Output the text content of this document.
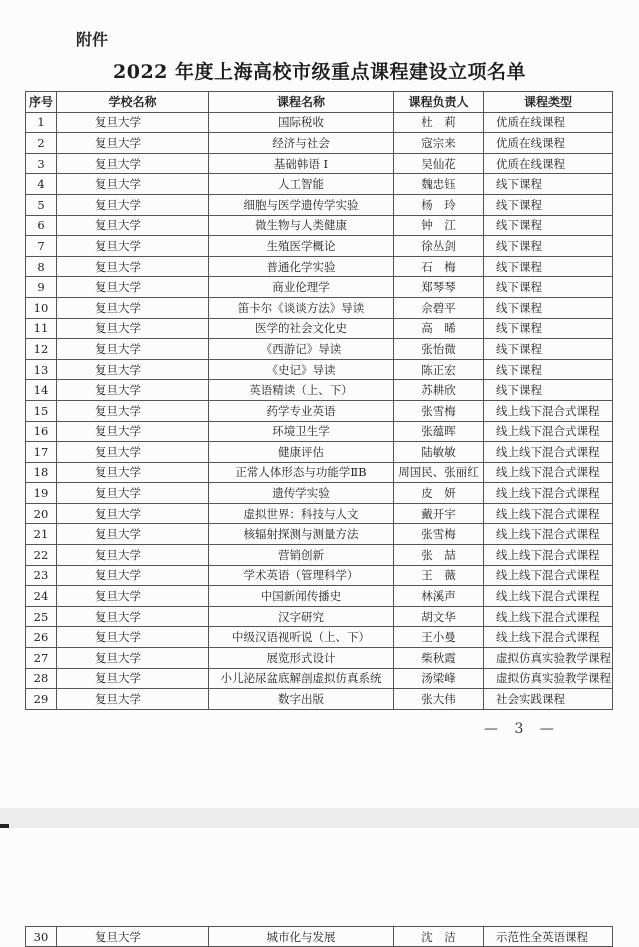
附件
2022 年度上海高校市级重点课程建设立项名单
序号	学校名称	课程名称	课程负责人	课程类型
1	复旦大学	国际税收	杜　莉	优质在线课程
2	复旦大学	经济与社会	寇宗来	优质在线课程
3	复旦大学	基础韩语 I	吴仙花	优质在线课程
4	复旦大学	人工智能	魏忠钰	线下课程
5	复旦大学	细胞与医学遗传学实验	杨　玲	线下课程
6	复旦大学	微生物与人类健康	钟　江	线下课程
7	复旦大学	生殖医学概论	徐丛剑	线下课程
8	复旦大学	普通化学实验	石　梅	线下课程
9	复旦大学	商业伦理学	郑琴琴	线下课程
10	复旦大学	笛卡尔《谈谈方法》导读	佘碧平	线下课程
11	复旦大学	医学的社会文化史	高　晞	线下课程
12	复旦大学	《西游记》导读	张怡微	线下课程
13	复旦大学	《史记》导读	陈正宏	线下课程
14	复旦大学	英语精读（上、下）	苏耕欣	线下课程
15	复旦大学	药学专业英语	张雪梅	线上线下混合式课程
16	复旦大学	环境卫生学	张蕴晖	线上线下混合式课程
17	复旦大学	健康评估	陆敏敏	线上线下混合式课程
18	复旦大学	正常人体形态与功能学ⅡB	周国民、张丽红	线上线下混合式课程
19	复旦大学	遗传学实验	皮　妍	线上线下混合式课程
20	复旦大学	虚拟世界：科技与人文	戴开宇	线上线下混合式课程
21	复旦大学	核辐射探测与测量方法	张雪梅	线上线下混合式课程
22	复旦大学	营销创新	张　喆	线上线下混合式课程
23	复旦大学	学术英语（管理科学）	王　薇	线上线下混合式课程
24	复旦大学	中国新闻传播史	林溪声	线上线下混合式课程
25	复旦大学	汉字研究	胡文华	线上线下混合式课程
26	复旦大学	中级汉语视听说（上、下）	王小曼	线上线下混合式课程
27	复旦大学	展览形式设计	柴秋霞	虚拟仿真实验教学课程
28	复旦大学	小儿泌尿盆底解剖虚拟仿真系统	汤梁峰	虚拟仿真实验教学课程
29	复旦大学	数字出版	张大伟	社会实践课程
— 3 —
30	复旦大学	城市化与发展	沈　洁	示范性全英语课程
